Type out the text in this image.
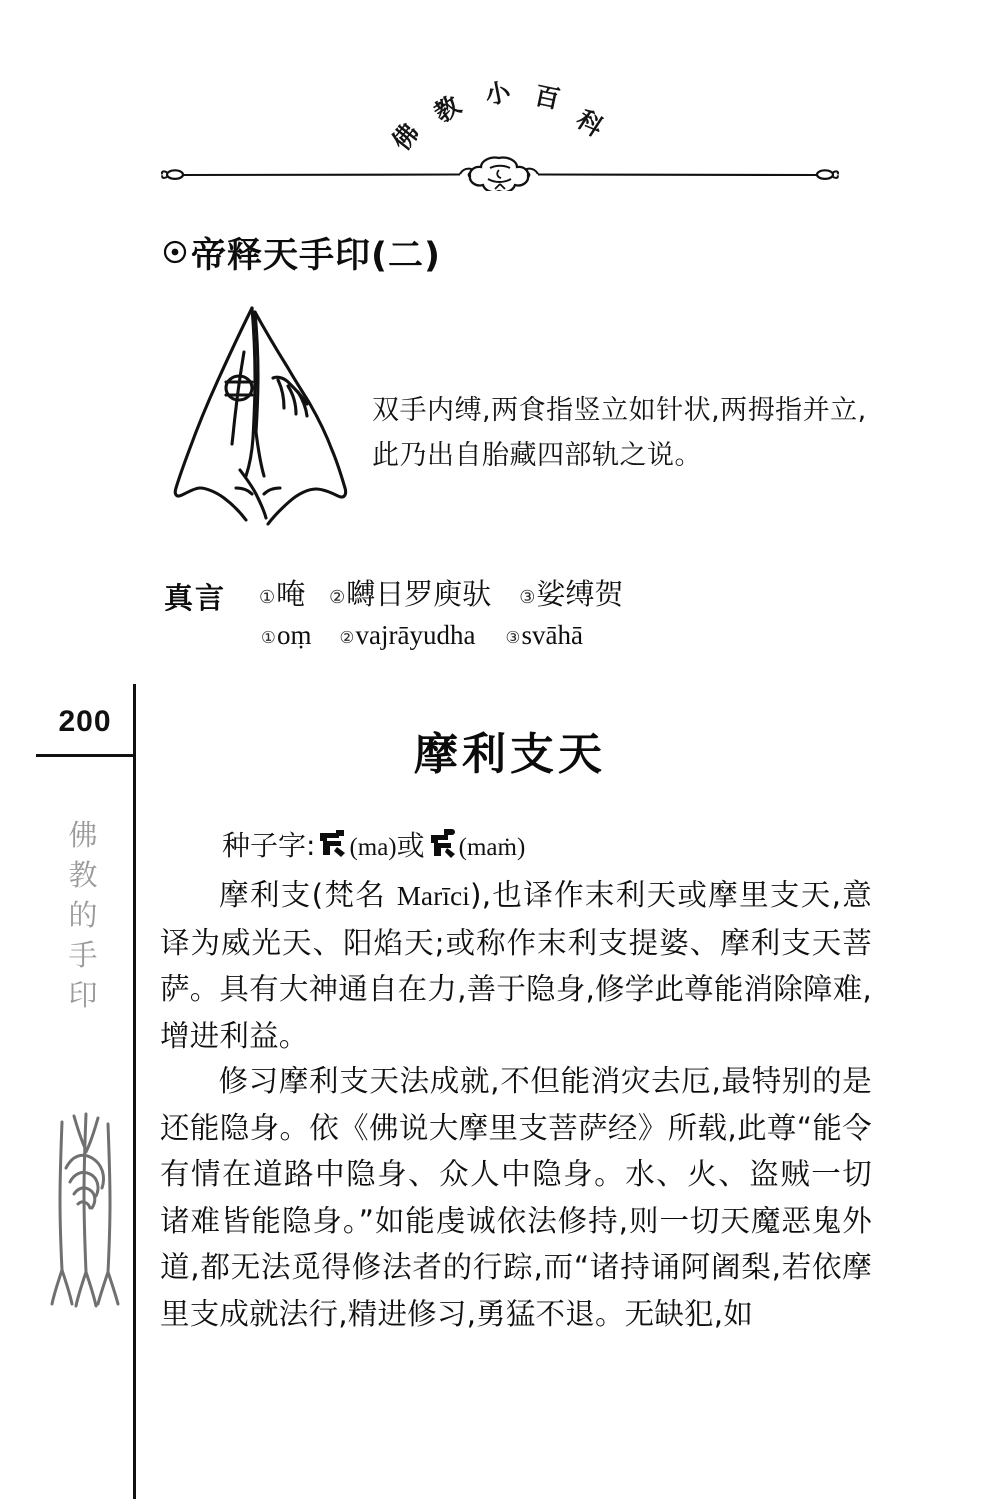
佛
教 小 百
科
帝释天手印(二)
双手内缚,两食指竖立如针状,两拇指并立,此乃出自胎藏四部轨之说。
真言 ①唵 ②嚩日罗庾驮 ③娑缚贺
①oṃ ②vajrāyudha ③svāhā
200
佛
教
的
手
印
摩利支天
种子字: (ma)或 (maṁ)
摩利支(梵名 Marīci),也译作末利天或摩里支天,意译为威光天、阳焰天;或称作末利支提婆、摩利支天菩萨。具有大神通自在力,善于隐身,修学此尊能消除障难,增进利益。
修习摩利支天法成就,不但能消灾去厄,最特别的是还能隐身。依《佛说大摩里支菩萨经》所载,此尊“能令有情在道路中隐身、众人中隐身。水、火、盗贼一切诸难皆能隐身。”如能虔诚依法修持,则一切天魔恶鬼外道,都无法觅得修法者的行踪,而“诸持诵阿阇梨,若依摩里支成就法行,精进修习,勇猛不退。无缺犯,如
